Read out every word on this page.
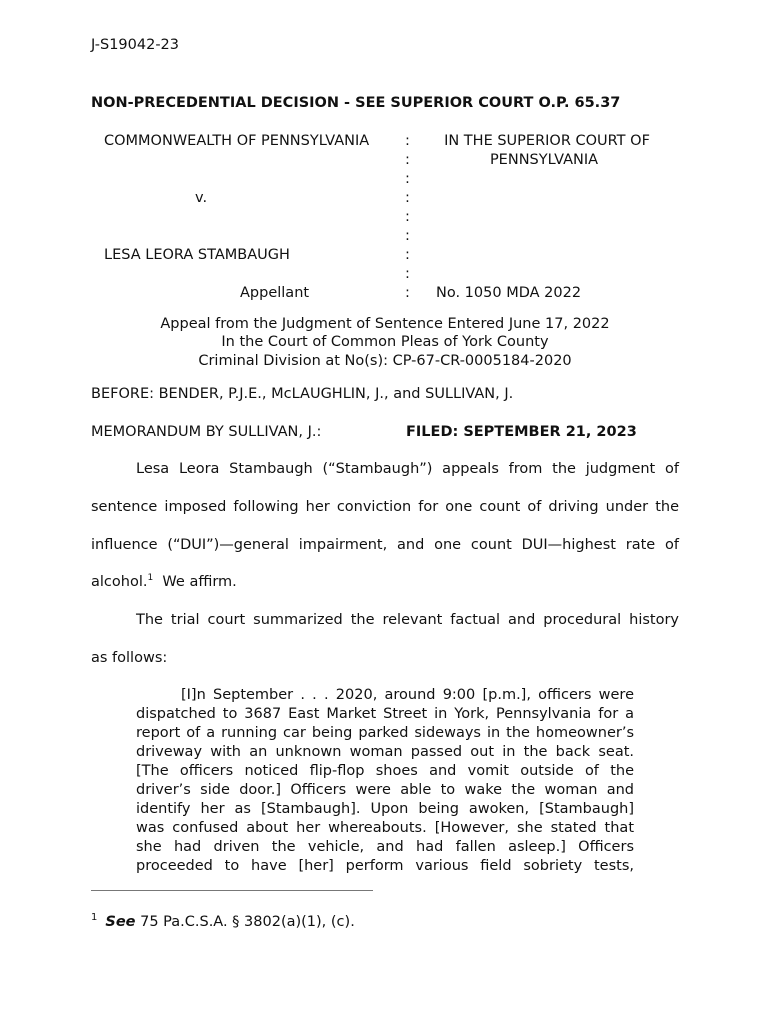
J-S19042-23
NON-PRECEDENTIAL DECISION - SEE SUPERIOR COURT O.P. 65.37
COMMONWEALTH OF PENNSYLVANIA
v.
LESA LEORA STAMBAUGH
Appellant
:
:
:
:
:
:
:
:
:
IN THE SUPERIOR COURT OF
PENNSYLVANIA
No. 1050 MDA 2022
Appeal from the Judgment of Sentence Entered June 17, 2022
In the Court of Common Pleas of York County
Criminal Division at No(s): CP-67-CR-0005184-2020
BEFORE: BENDER, P.J.E., McLAUGHLIN, J., and SULLIVAN, J.
MEMORANDUM BY SULLIVAN, J.:	FILED: SEPTEMBER 21, 2023
Lesa Leora Stambaugh (“Stambaugh”) appeals from the judgment of
sentence imposed following her conviction for one count of driving under the
influence (“DUI”)—general impairment, and one count DUI—highest rate of
alcohol.$^1$  We affirm.
The trial court summarized the relevant factual and procedural history
as follows:

[I]n September . . . 2020, around 9:00 [p.m.], officers were

dispatched to 3687 East Market Street in York, Pennsylvania for a

report of a running car being parked sideways in the homeowner’s

driveway with an unknown woman passed out in the back seat.

[The officers noticed flip-flop shoes and vomit outside of the

driver’s side door.] Officers were able to wake the woman and

identify her as [Stambaugh]. Upon being awoken, [Stambaugh]

was confused about her whereabouts. [However, she stated that

she had driven the vehicle, and had fallen asleep.] Officers

proceeded to have [her] perform various field sobriety tests,

$^1$ See 75 Pa.C.S.A. § 3802(a)(1), (c).
